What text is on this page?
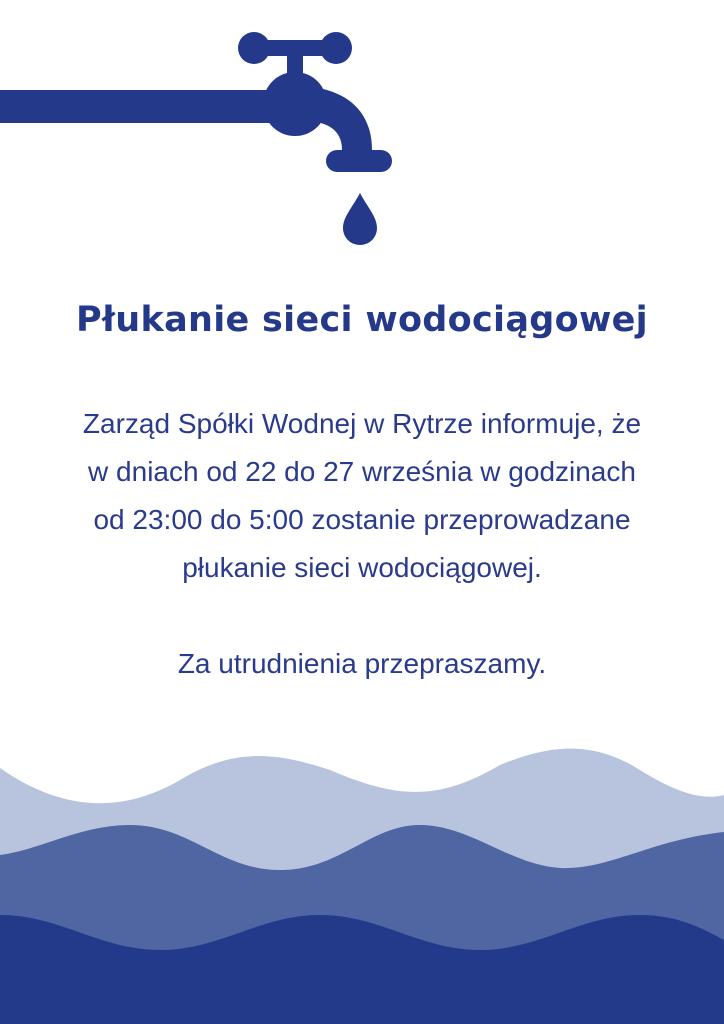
Płukanie sieci wodociągowej
Zarząd Spółki Wodnej w Rytrze informuje, że
w dniach od 22 do 27 września w godzinach
od 23:00 do 5:00 zostanie przeprowadzane
płukanie sieci wodociągowej.
Za utrudnienia przepraszamy.
